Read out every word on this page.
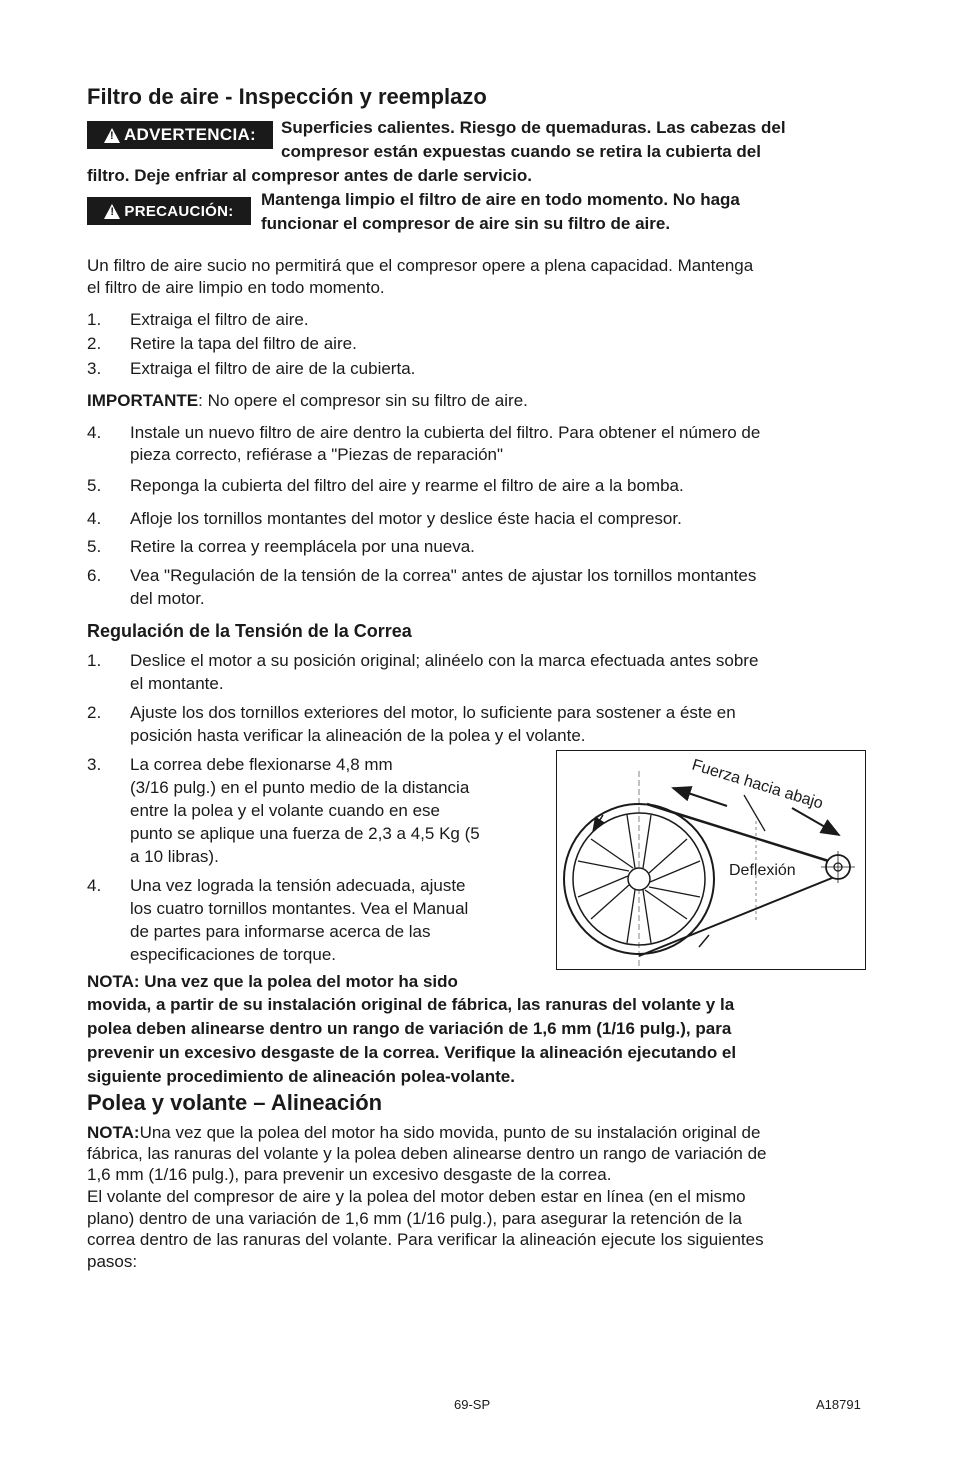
Filtro de aire - Inspección y reemplazo
! ADVERTENCIA: Superficies calientes. Riesgo de quemaduras. Las cabezas del
compresor están expuestas cuando se retira la cubierta del
filtro. Deje enfriar al compresor antes de darle servicio.
! PRECAUCIÓN:
Mantenga limpio el filtro de aire en todo momento. No haga
funcionar el compresor de aire sin su filtro de aire.
Un filtro de aire sucio no permitirá que el compresor opere a plena capacidad. Mantenga
el filtro de aire limpio en todo momento.
1. Extraiga el filtro de aire.
2. Retire la tapa del filtro de aire.
3. Extraiga el filtro de aire de la cubierta.
IMPORTANTE: No opere el compresor sin su filtro de aire.
4. Instale un nuevo filtro de aire dentro la cubierta del filtro. Para obtener el número de
pieza correcto, refiérase a "Piezas de reparación"
5. Reponga la cubierta del filtro del aire y rearme el filtro de aire a la bomba.
4. Afloje los tornillos montantes del motor y deslice éste hacia el compresor.
5. Retire la correa y reemplácela por una nueva.
6. Vea "Regulación de la tensión de la correa" antes de ajustar los tornillos montantes
del motor.
Regulación de la Tensión de la Correa
1. Deslice el motor a su posición original; alinéelo con la marca efectuada antes sobre
el montante.
2. Ajuste los dos tornillos exteriores del motor, lo suficiente para sostener a éste en
posición hasta verificar la alineación de la polea y el volante.
3. La correa debe flexionarse 4,8 mm
(3/16 pulg.) en el punto medio de la distancia
entre la polea y el volante cuando en ese
punto se aplique una fuerza de 2,3 a 4,5 Kg (5
a 10 libras).
4. Una vez lograda la tensión adecuada, ajuste
los cuatro tornillos montantes. Vea el Manual
de partes para informarse acerca de las
especificaciones de torque.
NOTA: Una vez que la polea del motor ha sido
movida, a partir de su instalación original de fábrica, las ranuras del volante y la
polea deben alinearse dentro un rango de variación de 1,6 mm (1/16 pulg.), para
prevenir un excesivo desgaste de la correa. Verifique la alineación ejecutando el
siguiente procedimiento de alineación polea-volante.
Polea y volante – Alineación
NOTA:Una vez que la polea del motor ha sido movida, punto de su instalación original de
fábrica, las ranuras del volante y la polea deben alinearse dentro un rango de variación de
1,6 mm (1/16 pulg.), para prevenir un excesivo desgaste de la correa.
El volante del compresor de aire y la polea del motor deben estar en línea (en el mismo
plano) dentro de una variación de 1,6 mm (1/16 pulg.), para asegurar la retención de la
correa dentro de las ranuras del volante. Para verificar la alineación ejecute los siguientes
pasos:
Fuerza hacia abajo
Deflexión
69-SP	A18791
